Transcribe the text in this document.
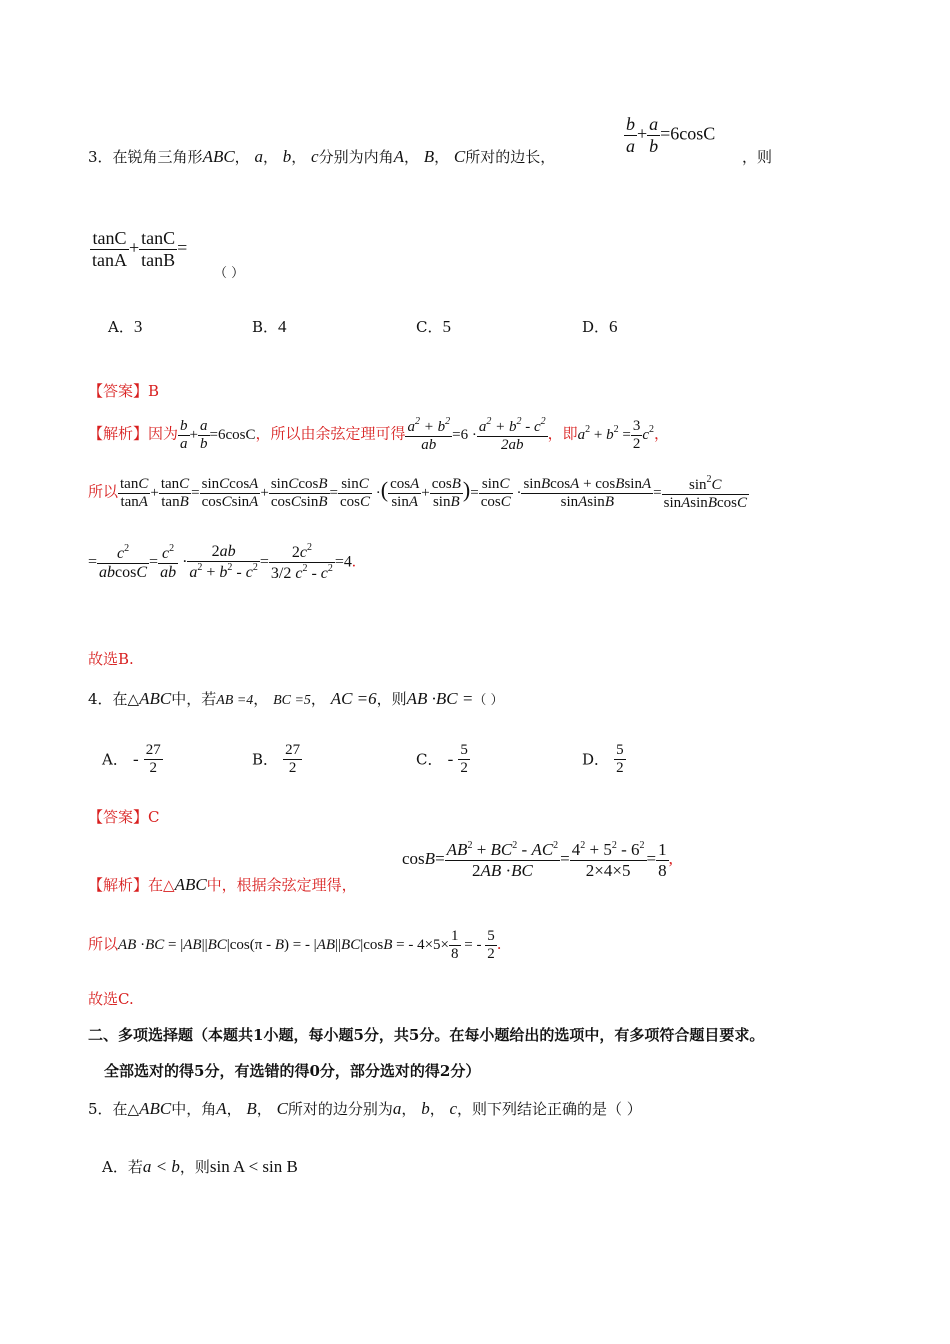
3．在锐角三角形ABC， a， b， c分别为内角A， B， C所对的边长，
$\frac{b}{a} + \frac{a}{b} =6\cos C$
，则
$\frac{\tan C}{\tan A} + \frac{\tan C}{\tan B}$ =
（ ）
A．3	B．4	C．5	D．6
【答案】B
【解析】因为 $\frac{b}{a} + \frac{a}{b} =6\cos C$，所以由余弦定理可得 $\frac{a^2 + b^2}{ab} =6 \cdot \frac{a^2 + b^2 - c^2}{2ab}$ ，即$a^2 + b^2 = \frac{3}{2} c^2$，
所以 $\frac{\tan C}{\tan A} + \frac{\tan C}{\tan B} = \frac{\text{sinCcosA}}{\text{cosCsinA}} + \frac{\text{sinCcosB}}{\text{cosCsinB}} = \frac{\sin C}{\cos C}$ ·( $\frac{\cos A}{\sin A} + \frac{\cos B}{\sin B}$ )= $\frac{\sin C}{\cos C} \cdot \frac{\text{sinBcosA + cosBsinA}}{\text{sinAsinB}} = \frac{\sin^2C}{\text{sinAsinBcosC}}$
= $\frac{c^2}{abcosC} = \frac{c^2}{ab} \cdot \frac{2ab}{a^2 + b^2 - c^2} = \frac{2c^2}{3/2 c^2 - c^2} =4$.
故选B.
4．在△ABC中，若AB =4， BC =5， AC =6，则AB ·BC =（ ）
A． - $\frac{27}{2}$	B． $\frac{27}{2}$	C． - $\frac{5}{2}$	D． $\frac{5}{2}$
【答案】C
【解析】在△ABC中，根据余弦定理得，
$\cos B= \frac{AB^2 + BC^2 - AC^2}{2AB \cdot BC} = \frac{4^2 + 5^2 - 6^2}{2\times 4\times 5} = \frac{1}{8}$ ,
所以AB ·BC = |AB||BC|cos(π - B) = - |AB||BC|cosB = - $4\times 5\times \frac{1}{8}$ = - $\frac{5}{2}$ .
故选C.
二、多项选择题（本题共1小题，每小题5分，共5分。在每小题给出的选项中，有多项符合题目要求。
全部选对的得5分，有选错的得0分，部分选对的得2分）
5．在△ABC中，角A， B， C所对的边分别为a， b， c，则下列结论正确的是（ ）
A．若a < b，则sin A < sin B
